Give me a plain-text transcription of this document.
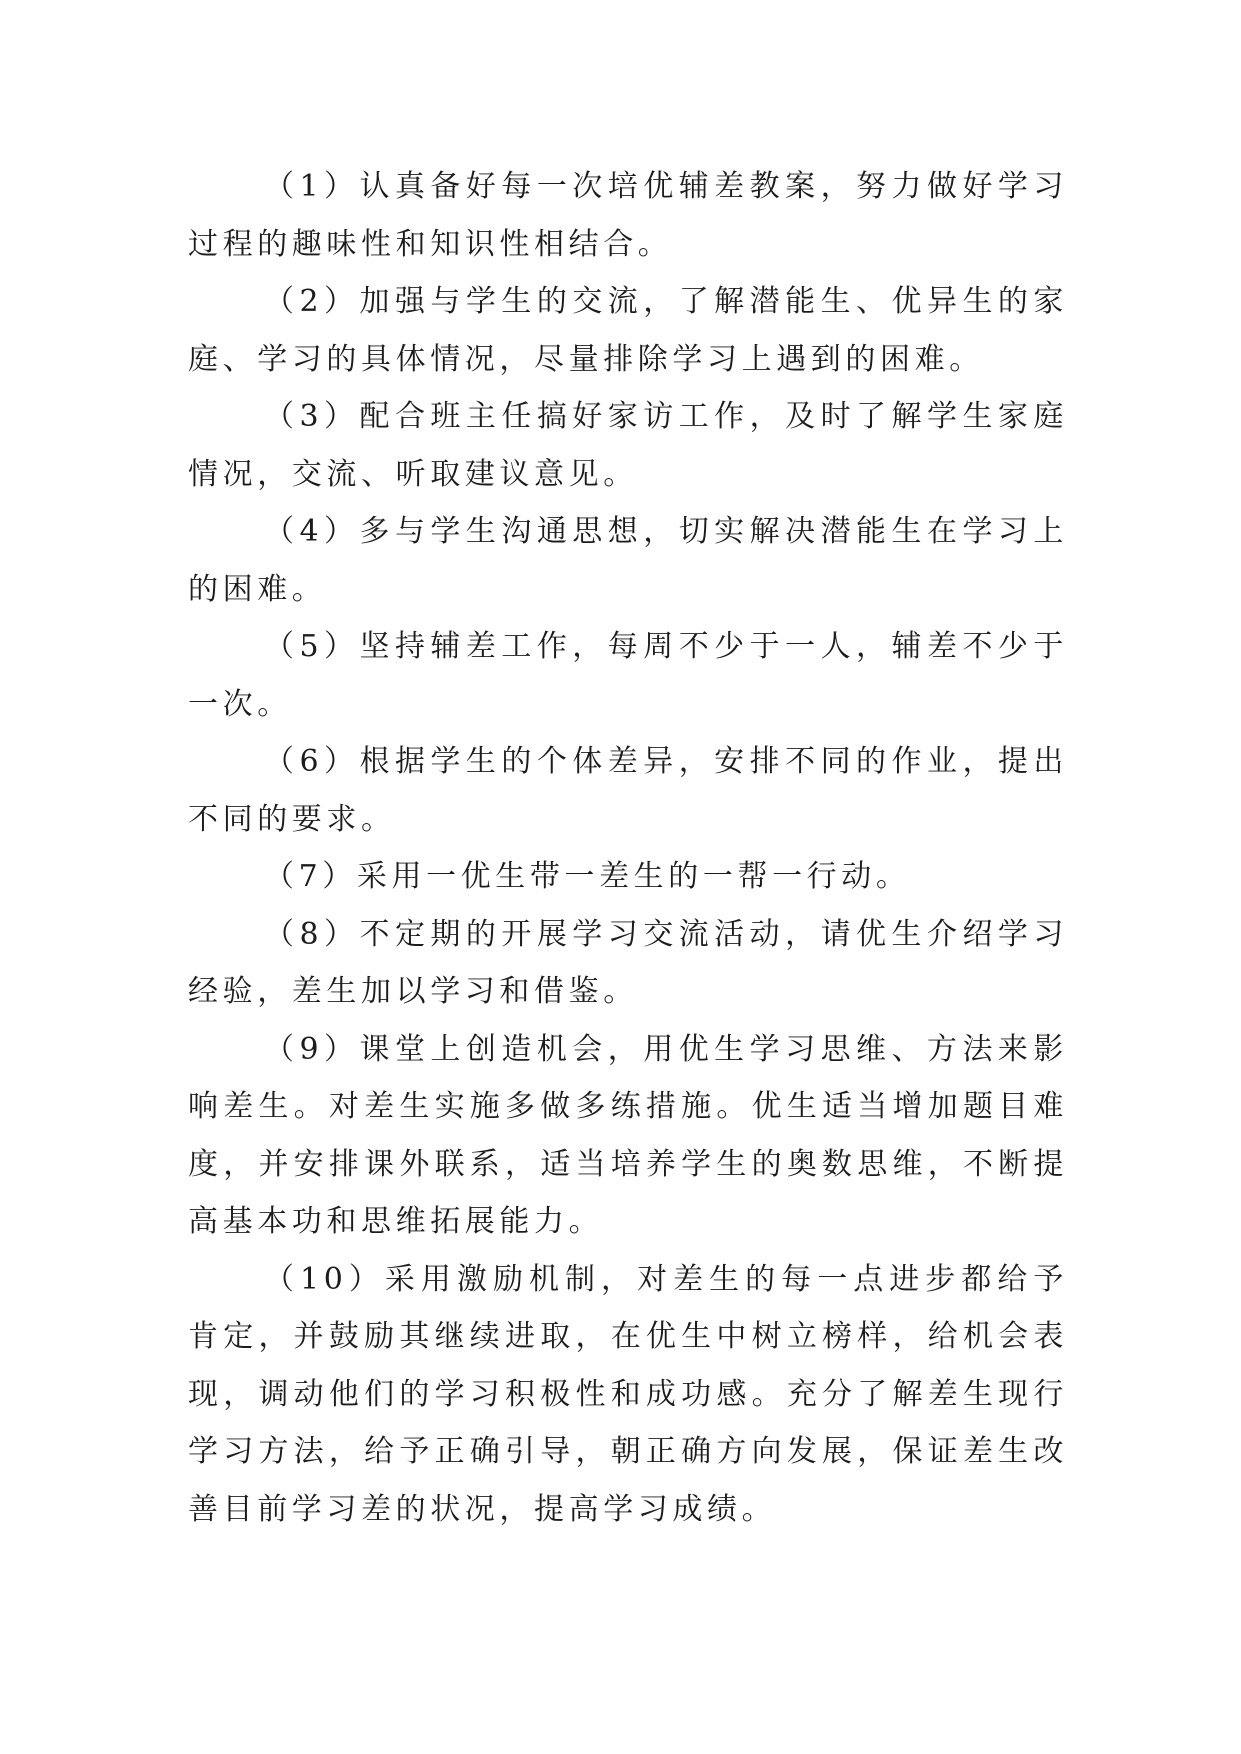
（1）认真备好每一次培优辅差教案，努力做好学习过程的趣味性和知识性相结合。

（2）加强与学生的交流，了解潜能生、优异生的家庭、学习的具体情况，尽量排除学习上遇到的困难。

（3）配合班主任搞好家访工作，及时了解学生家庭情况，交流、听取建议意见。

（4）多与学生沟通思想，切实解决潜能生在学习上的困难。

（5）坚持辅差工作，每周不少于一人，辅差不少于一次。

（6）根据学生的个体差异，安排不同的作业，提出不同的要求。

（7）采用一优生带一差生的一帮一行动。

（8）不定期的开展学习交流活动，请优生介绍学习经验，差生加以学习和借鉴。

（9）课堂上创造机会，用优生学习思维、方法来影响差生。对差生实施多做多练措施。优生适当增加题目难度，并安排课外联系，适当培养学生的奥数思维，不断提高基本功和思维拓展能力。

（10）采用激励机制，对差生的每一点进步都给予肯定，并鼓励其继续进取，在优生中树立榜样，给机会表现，调动他们的学习积极性和成功感。充分了解差生现行学习方法，给予正确引导，朝正确方向发展，保证差生改善目前学习差的状况，提高学习成绩。
